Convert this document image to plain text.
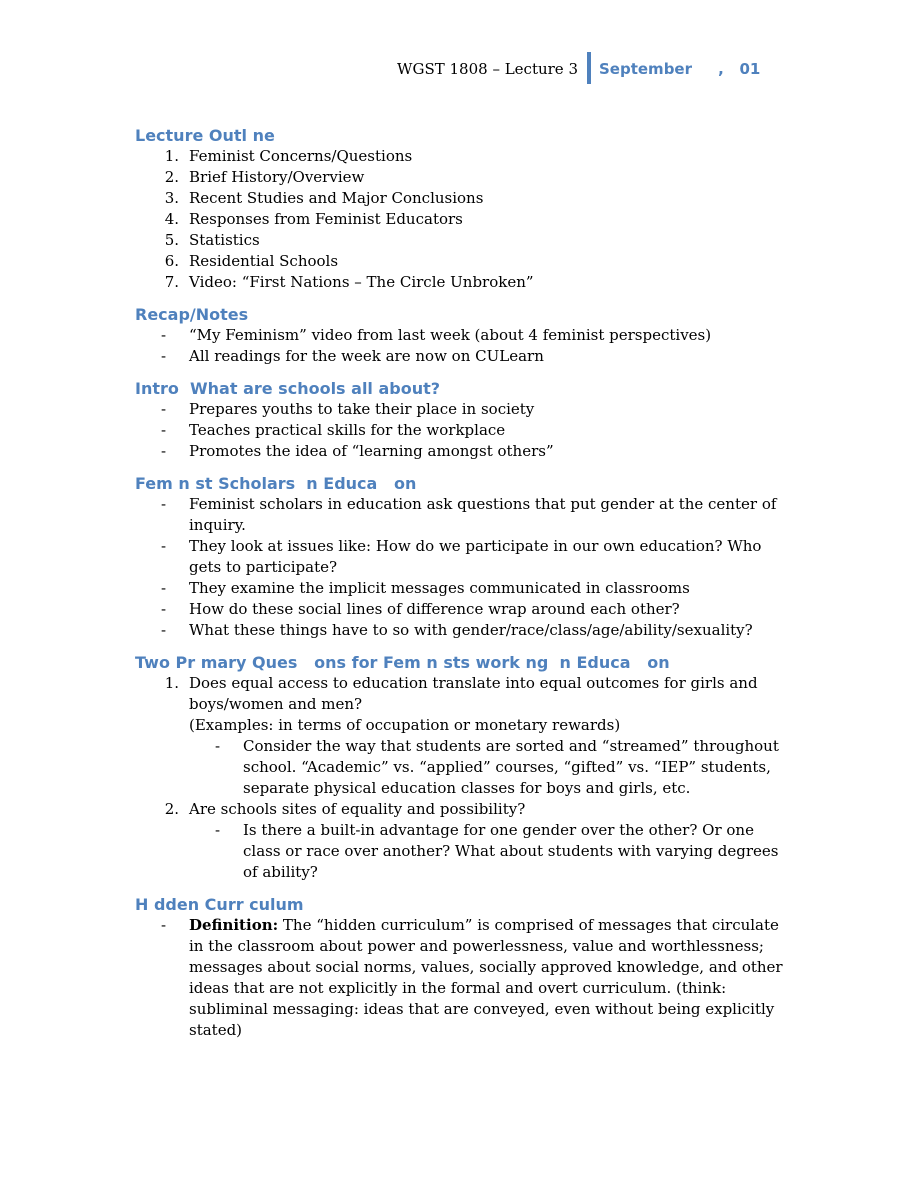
WGST 1808 – Lecture 3 September     ,   01
Lecture Outl ne
1. Feminist Concerns/Questions
2. Brief History/Overview
3. Recent Studies and Major Conclusions
4. Responses from Feminist Educators
5. Statistics
6. Residential Schools
7. Video: “First Nations – The Circle Unbroken”
Recap/Notes
-	“My Feminism” video from last week (about 4 feminist perspectives)
-	All readings for the week are now on CULearn
Intro  What are schools all about?
-	Prepares youths to take their place in society
-	Teaches practical skills for the workplace
-	Promotes the idea of “learning amongst others”
Fem n st Scholars  n Educa   on
-	Feminist scholars in education ask questions that put gender at the center of inquiry.
-	They look at issues like: How do we participate in our own education? Who gets to participate?
-	They examine the implicit messages communicated in classrooms
-	How do these social lines of difference wrap around each other?
-	What these things have to so with gender/race/class/age/ability/sexuality?
Two Pr mary Ques   ons for Fem n sts work ng  n Educa   on
1. Does equal access to education translate into equal outcomes for girls and boys/women and men?
(Examples: in terms of occupation or monetary rewards)
-	Consider the way that students are sorted and “streamed” throughout school. “Academic” vs. “applied” courses, “gifted” vs. “IEP” students, separate physical education classes for boys and girls, etc.
2. Are schools sites of equality and possibility?
-	Is there a built-in advantage for one gender over the other? Or one class or race over another? What about students with varying degrees of ability?
H dden Curr culum
-	Definition: The “hidden curriculum” is comprised of messages that circulate in the classroom about power and powerlessness, value and worthlessness; messages about social norms, values, socially approved knowledge, and other ideas that are not explicitly in the formal and overt curriculum. (think: subliminal messaging: ideas that are conveyed, even without being explicitly stated)
